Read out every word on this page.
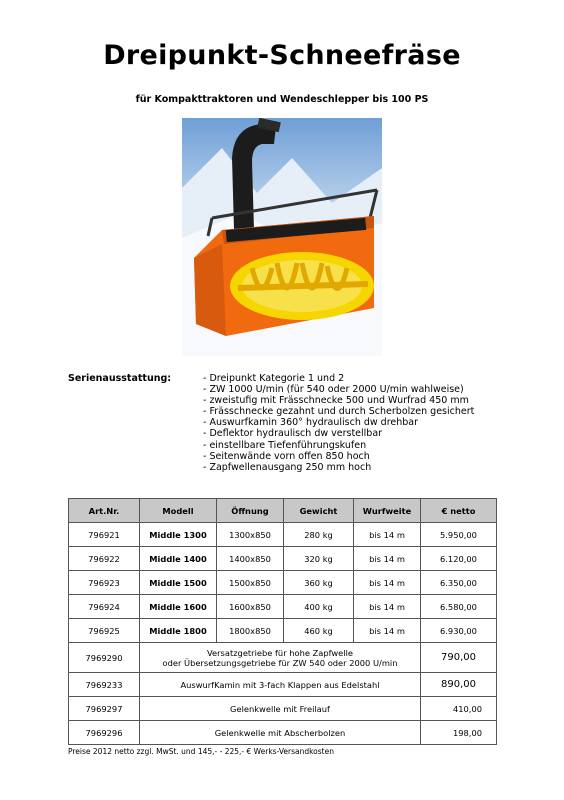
Dreipunkt-Schneefräse
für Kompakttraktoren und Wendeschlepper bis 100 PS
Serienausstattung:	- Dreipunkt Kategorie 1 und 2
- ZW 1000 U/min (für 540 oder 2000 U/min wahlweise)
- zweistufig mit Frässchnecke 500 und Wurfrad 450 mm
- Frässchnecke gezahnt und durch Scherbolzen gesichert
- Auswurfkamin 360° hydraulisch dw drehbar
- Deflektor hydraulisch dw verstellbar
- einstellbare Tiefenführungskufen
- Seitenwände vorn offen 850 hoch
- Zapfwellenausgang 250 mm hoch
Art.Nr.	Modell	Öffnung	Gewicht	Wurfweite	€ netto
796921	Middle 1300	1300x850	280 kg	bis 14 m	5.950,00
796922	Middle 1400	1400x850	320 kg	bis 14 m	6.120,00
796923	Middle 1500	1500x850	360 kg	bis 14 m	6.350,00
796924	Middle 1600	1600x850	400 kg	bis 14 m	6.580,00
796925	Middle 1800	1800x850	460 kg	bis 14 m	6.930,00
7969290	Versatzgetriebe für hohe Zapfwelle
oder Übersetzungsgetriebe für ZW 540 oder 2000 U/min				790,00
7969233	AuswurfKamin mit 3-fach Klappen aus Edelstahl				890,00
7969297	Gelenkwelle mit Freilauf				410,00
7969296	Gelenkwelle mit Abscherbolzen				198,00
Preise 2012 netto zzgl. MwSt. und 145,- - 225,- € Werks-Versandkosten
